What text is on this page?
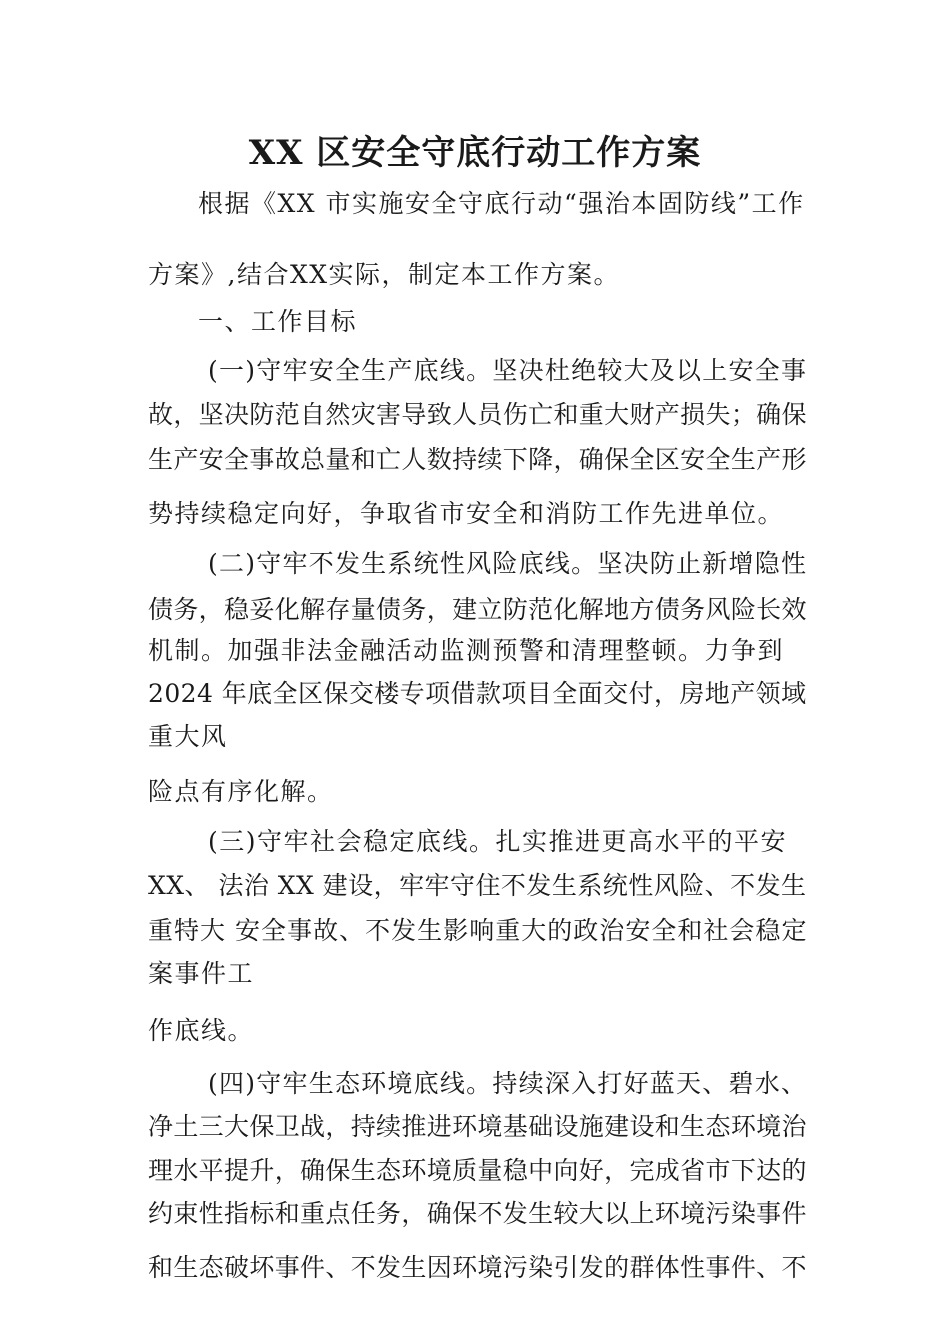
XX 区安全守底行动工作方案

根据《XX 市实施安全守底行动“强治本固防线”工作

方案》,结合XX实际，制定本工作方案。

一、工作目标

(一)守牢安全生产底线。坚决杜绝较大及以上安全事

故，坚决防范自然灾害导致人员伤亡和重大财产损失；确保

生产安全事故总量和亡人数持续下降，确保全区安全生产形

势持续稳定向好，争取省市安全和消防工作先进单位。

(二)守牢不发生系统性风险底线。坚决防止新增隐性

债务，稳妥化解存量债务，建立防范化解地方债务风险长效

机制。加强非法金融活动监测预警和清理整顿。力争到

2024 年底全区保交楼专项借款项目全面交付，房地产领域

重大风

险点有序化解。

(三)守牢社会稳定底线。扎实推进更高水平的平安

XX、 法治 XX 建设，牢牢守住不发生系统性风险、不发生

重特大 安全事故、不发生影响重大的政治安全和社会稳定

案事件工

作底线。

(四)守牢生态环境底线。持续深入打好蓝天、碧水、

净土三大保卫战，持续推进环境基础设施建设和生态环境治

理水平提升，确保生态环境质量稳中向好，完成省市下达的

约束性指标和重点任务，确保不发生较大以上环境污染事件

和生态破坏事件、不发生因环境污染引发的群体性事件、不
